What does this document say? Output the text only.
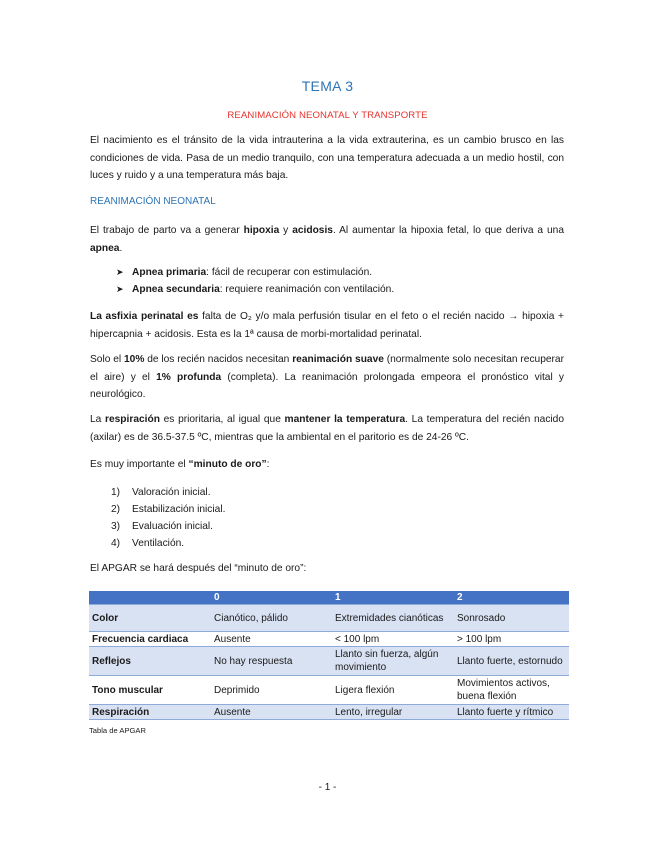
TEMA 3
REANIMACIÓN NEONATAL Y TRANSPORTE
El nacimiento es el tránsito de la vida intrauterina a la vida extrauterina, es un cambio brusco en las condiciones de vida. Pasa de un medio tranquilo, con una temperatura adecuada a un medio hostil, con luces y ruido y a una temperatura más baja.
REANIMACIÓN NEONATAL
El trabajo de parto va a generar hipoxia y acidosis. Al aumentar la hipoxia fetal, lo que deriva a una apnea.
➤ Apnea primaria: fácil de recuperar con estimulación.
➤ Apnea secundaria: requiere reanimación con ventilación.
La asfixia perinatal es falta de O₂ y/o mala perfusión tisular en el feto o el recién nacido → hipoxia + hipercapnia + acidosis. Esta es la 1ª causa de morbi-mortalidad perinatal.
Solo el 10% de los recién nacidos necesitan reanimación suave (normalmente solo necesitan recuperar el aire) y el 1% profunda (completa). La reanimación prolongada empeora el pronóstico vital y neurológico.
La respiración es prioritaria, al igual que mantener la temperatura. La temperatura del recién nacido (axilar) es de 36.5-37.5 ºC, mientras que la ambiental en el paritorio es de 24-26 ºC.
Es muy importante el “minuto de oro”:
1) Valoración inicial.
2) Estabilización inicial.
3) Evaluación inicial.
4) Ventilación.
El APGAR se hará después del “minuto de oro”:
	0	1	2
Color	Cianótico, pálido	Extremidades cianóticas	Sonrosado
Frecuencia cardiaca	Ausente	< 100 lpm	> 100 lpm
Reflejos	No hay respuesta	Llanto sin fuerza, algún movimiento	Llanto fuerte, estornudo
Tono muscular	Deprimido	Ligera flexión	Movimientos activos, buena flexión
Respiración	Ausente	Lento, irregular	Llanto fuerte y rítmico
Tabla de APGAR
- 1 -
